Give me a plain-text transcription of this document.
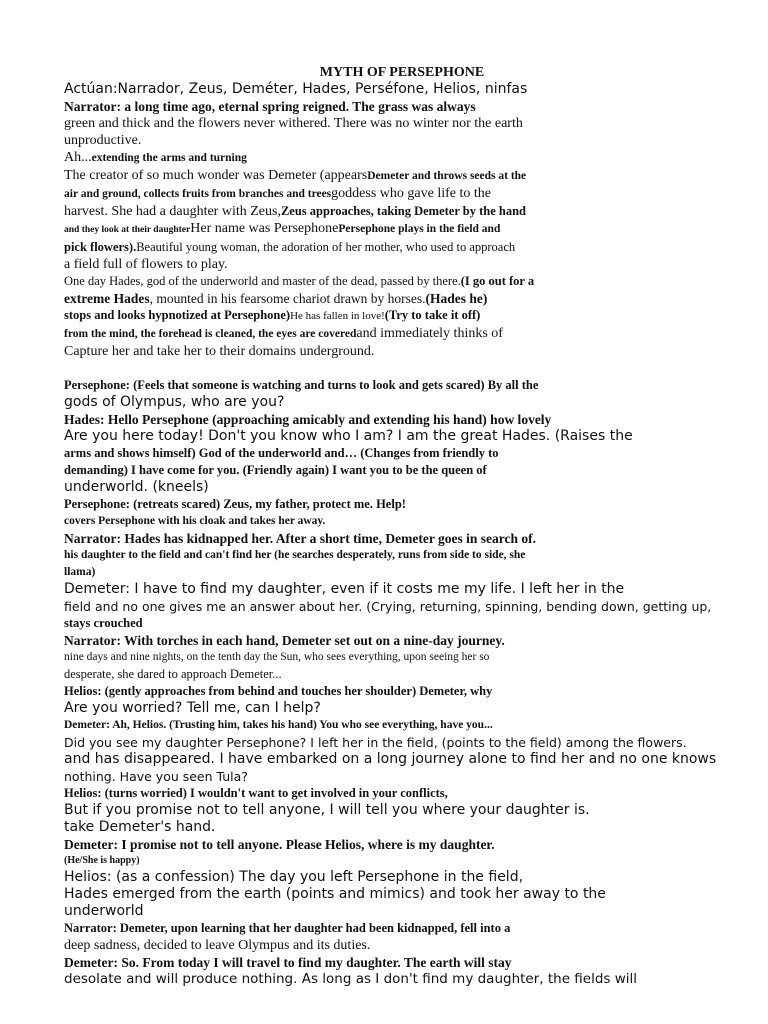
MYTH OF PERSEPHONE

Actúan:Narrador, Zeus, Deméter, Hades, Perséfone, Helios, ninfas

Narrator: a long time ago, eternal spring reigned. The grass was always

green and thick and the flowers never withered. There was no winter nor the earth

unproductive.

Ah...extending the arms and turning

The creator of so much wonder was Demeter (appearsDemeter and throws seeds at the

air and ground, collects fruits from branches and treesgoddess who gave life to the

harvest. She had a daughter with Zeus,Zeus approaches, taking Demeter by the hand

and they look at their daughterHer name was PersephonePersephone plays in the field and

pick flowers).Beautiful young woman, the adoration of her mother, who used to approach

a field full of flowers to play.

One day Hades, god of the underworld and master of the dead, passed by there.(I go out for a

extreme Hades, mounted in his fearsome chariot drawn by horses.(Hades he)

stops and looks hypnotized at Persephone)He has fallen in love!(Try to take it off)

from the mind, the forehead is cleaned, the eyes are coveredand immediately thinks of

Capture her and take her to their domains underground.

Persephone: (Feels that someone is watching and turns to look and gets scared) By all the

gods of Olympus, who are you?

Hades: Hello Persephone (approaching amicably and extending his hand) how lovely

Are you here today! Don't you know who I am? I am the great Hades. (Raises the

arms and shows himself) God of the underworld and… (Changes from friendly to

demanding) I have come for you. (Friendly again) I want you to be the queen of

underworld. (kneels)

Persephone: (retreats scared) Zeus, my father, protect me. Help!

covers Persephone with his cloak and takes her away.

Narrator: Hades has kidnapped her. After a short time, Demeter goes in search of.

his daughter to the field and can't find her (he searches desperately, runs from side to side, she

llama)

Demeter: I have to find my daughter, even if it costs me my life. I left her in the

field and no one gives me an answer about her. (Crying, returning, spinning, bending down, getting up,

stays crouched

Narrator: With torches in each hand, Demeter set out on a nine-day journey.

nine days and nine nights, on the tenth day the Sun, who sees everything, upon seeing her so

desperate, she dared to approach Demeter...

Helios: (gently approaches from behind and touches her shoulder) Demeter, why

Are you worried? Tell me, can I help?

Demeter: Ah, Helios. (Trusting him, takes his hand) You who see everything, have you...

Did you see my daughter Persephone? I left her in the field, (points to the field) among the flowers.

and has disappeared. I have embarked on a long journey alone to find her and no one knows

nothing. Have you seen Tula?

Helios: (turns worried) I wouldn't want to get involved in your conflicts,

But if you promise not to tell anyone, I will tell you where your daughter is.

take Demeter's hand.

Demeter: I promise not to tell anyone. Please Helios, where is my daughter.

(He/She is happy)

Helios: (as a confession) The day you left Persephone in the field,

Hades emerged from the earth (points and mimics) and took her away to the

underworld

Narrator: Demeter, upon learning that her daughter had been kidnapped, fell into a

deep sadness, decided to leave Olympus and its duties.

Demeter: So. From today I will travel to find my daughter. The earth will stay

desolate and will produce nothing. As long as I don't find my daughter, the fields will
